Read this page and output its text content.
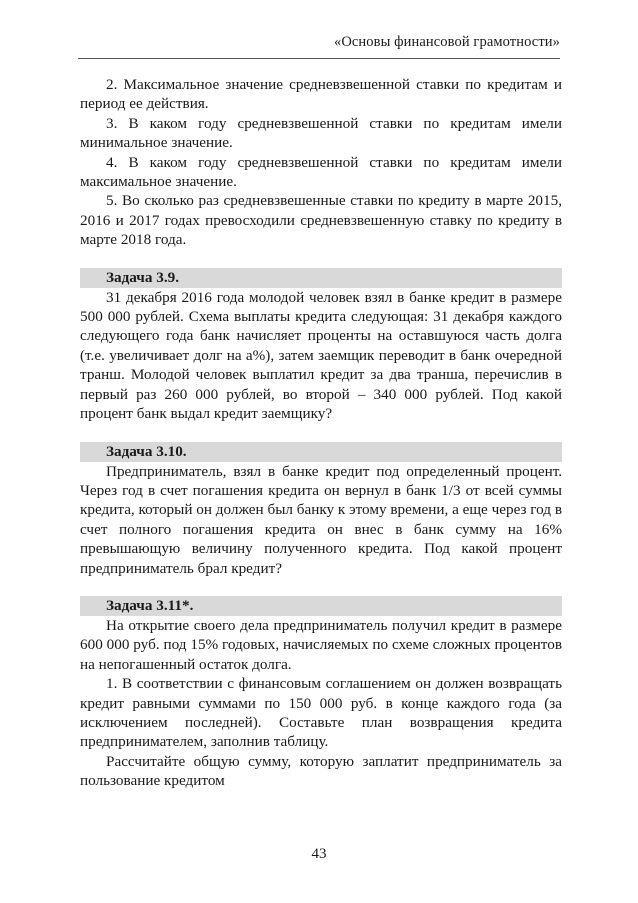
«Основы финансовой грамотности»

2. Максимальное значение средневзвешенной ставки по кредитам и период ее действия.

3. В каком году средневзвешенной ставки по кредитам имели минимальное значение.

4. В каком году средневзвешенной ставки по кредитам имели максимальное значение.

5. Во сколько раз средневзвешенные ставки по кредиту в марте 2015, 2016 и 2017 годах превосходили средневзвешенную ставку по кредиту в марте 2018 года.

Задача 3.9.

31 декабря 2016 года молодой человек взял в банке кредит в размере 500 000 рублей. Схема выплаты кредита следующая: 31 декабря каждого следующего года банк начисляет проценты на оставшуюся часть долга (т.е. увеличивает долг на а%), затем заемщик переводит в банк очередной транш. Молодой человек выплатил кредит за два транша, перечислив в первый раз 260 000 рублей, во второй – 340 000 рублей. Под какой процент банк выдал кредит заемщику?

Задача 3.10.

Предприниматель, взял в банке кредит под определенный процент. Через год в счет погашения кредита он вернул в банк 1/3 от всей суммы кредита, который он должен был банку к этому времени, а еще через год в счет полного погашения кредита он внес в банк сумму на 16% превышающую величину полученного кредита. Под какой процент предприниматель брал кредит?

Задача 3.11*.

На открытие своего дела предприниматель получил кредит в размере 600 000 руб. под 15% годовых, начисляемых по схеме сложных процентов на непогашенный остаток долга.

1. В соответствии с финансовым соглашением он должен возвращать кредит равными суммами по 150 000 руб. в конце каждого года (за исключением последней). Составьте план возвращения кредита предпринимателем, заполнив таблицу.

Рассчитайте общую сумму, которую заплатит предприниматель за пользование кредитом

43
